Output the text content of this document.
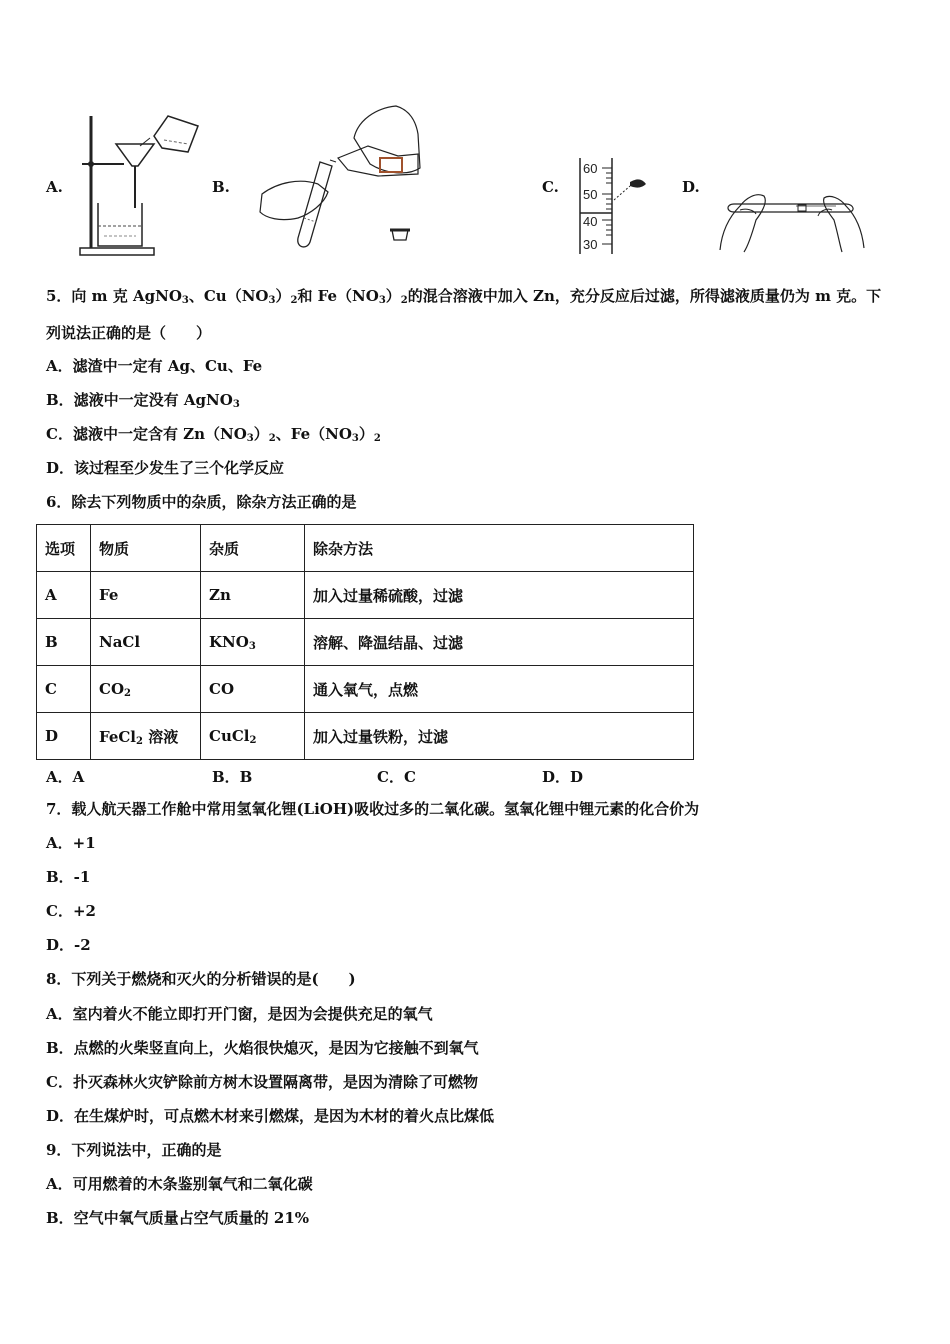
A.	B.	C.
60
50
40
30
D.
5．向 m 克 AgNO$_3$、$Cu(NO_3)_2$和 $Fe(NO_3)_2$的混合溶液中加入 Zn，充分反应后过滤，所得滤液质量仍为 m 克。下
列说法正确的是（　　）
A．滤渣中一定有 Ag、Cu、Fe
B．滤液中一定没有 AgNO$_3$
C．滤液中一定含有 $Zn(NO_3)_2$、$Fe(NO_3)_2$
D．该过程至少发生了三个化学反应
6．除去下列物质中的杂质，除杂方法正确的是
选项	物质	杂质	除杂方法
A	Fe	Zn	加入过量稀硫酸，过滤
B	NaCl	$KNO_3$	溶解、降温结晶、过滤
C	$CO_2$	CO	通入氧气，点燃
D	FeCl$_2$ 溶液	CuCl$_2$	加入过量铁粉，过滤
A．A	B．B	C．C	D．D
7．载人航天器工作舱中常用氢氧化锂(LiOH)吸收过多的二氧化碳。氢氧化锂中锂元素的化合价为
A．+1
B．-1
C．+2
D．-2
8．下列关于燃烧和灭火的分析错误的是(　　)
A．室内着火不能立即打开门窗，是因为会提供充足的氧气
B．点燃的火柴竖直向上，火焰很快熄灭，是因为它接触不到氧气
C．扑灭森林火灾铲除前方树木设置隔离带，是因为清除了可燃物
D．在生煤炉时，可点燃木材来引燃煤，是因为木材的着火点比煤低
9．下列说法中，正确的是
A．可用燃着的木条鉴别氧气和二氧化碳
B．空气中氧气质量占空气质量的 21%
